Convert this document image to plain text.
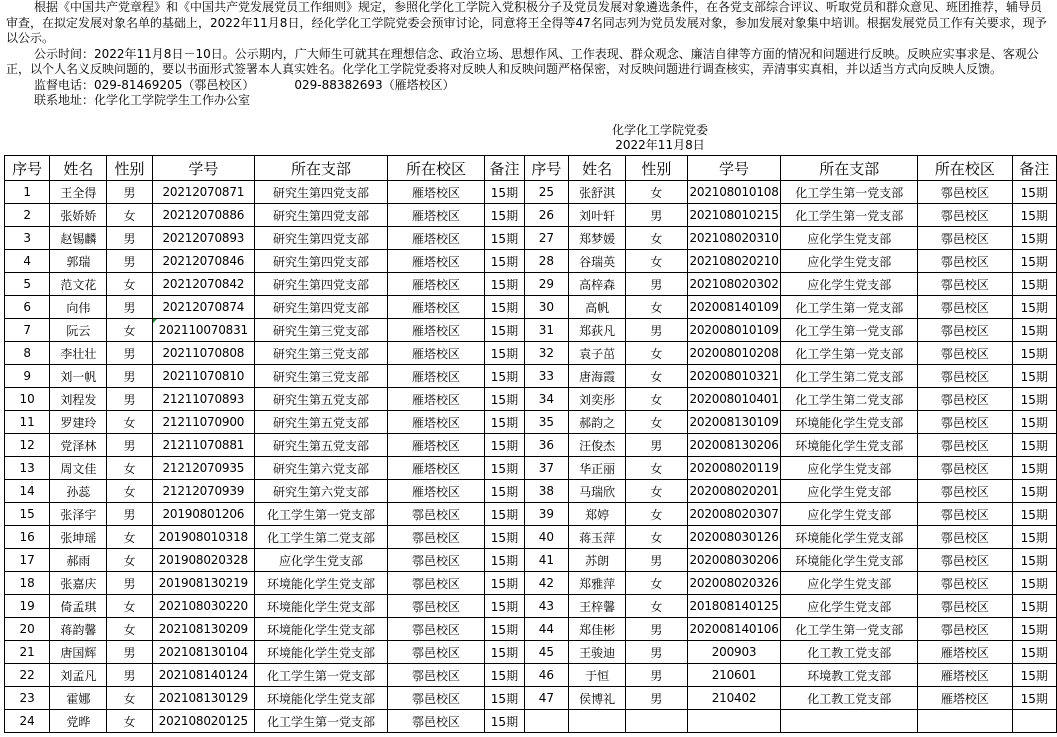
根据《中国共产党章程》和《中国共产党发展党员工作细则》规定，参照化学化工学院入党积极分子及党员发展对象遴选条件，在各党支部综合评议、听取党员和群众意见、班团推荐，辅导员审查，在拟定发展对象名单的基础上，2022年11月8日，经化学化工学院党委会预审讨论，同意将王全得等47名同志列为党员发展对象，参加发展对象集中培训。根据发展党员工作有关要求，现予以公示。

公示时间：2022年11月8日－10日。公示期内，广大师生可就其在理想信念、政治立场、思想作风、工作表现、群众观念、廉洁自律等方面的情况和问题进行反映。反映应实事求是、客观公正，以个人名义反映问题的，要以书面形式签署本人真实姓名。化学化工学院党委将对反映人和反映问题严格保密，对反映问题进行调查核实，弄清事实真相，并以适当方式向反映人反馈。

监督电话：029-81469205（鄠邑校区）	029-88382693（雁塔校区）

联系地址：化学化工学院学生工作办公室

化学化工学院党委
2022年11月8日
序号	姓名	性别	学号	所在支部	所在校区	备注	序号	姓名	性别	学号	所在支部	所在校区	备注
1	王全得	男	20212070871	研究生第四党支部	雁塔校区	15期	25	张舒淇	女	202108010108	化工学生第一党支部	鄠邑校区	15期
2	张娇娇	女	20212070886	研究生第四党支部	雁塔校区	15期	26	刘叶轩	男	202108010215	化工学生第一党支部	鄠邑校区	15期
3	赵锡麟	男	20212070893	研究生第四党支部	雁塔校区	15期	27	郑梦媛	女	202108020310	应化学生党支部	鄠邑校区	15期
4	郭瑞	男	20212070846	研究生第四党支部	雁塔校区	15期	28	谷瑞英	女	202108020210	应化学生党支部	鄠邑校区	15期
5	范文花	女	20212070842	研究生第四党支部	雁塔校区	15期	29	高梓森	男	202108020302	应化学生党支部	鄠邑校区	15期
6	向伟	男	20212070874	研究生第四党支部	雁塔校区	15期	30	高帆	女	202008140109	化工学生第一党支部	鄠邑校区	15期
7	阮云	女	202110070831	研究生第三党支部	雁塔校区	15期	31	郑荻凡	男	202008010109	化工学生第一党支部	鄠邑校区	15期
8	李壮壮	男	20211070808	研究生第三党支部	雁塔校区	15期	32	袁子茁	女	202008010208	化工学生第一党支部	鄠邑校区	15期
9	刘一帆	男	20211070810	研究生第三党支部	雁塔校区	15期	33	唐海霞	女	202008010321	化工学生第二党支部	鄠邑校区	15期
10	刘程发	男	21211070893	研究生第五党支部	雁塔校区	15期	34	刘奕彤	女	202008010401	化工学生第二党支部	鄠邑校区	15期
11	罗建玲	女	21211070900	研究生第五党支部	雁塔校区	15期	35	郝韵之	女	202008130109	环境能化学生党支部	鄠邑校区	15期
12	党泽林	男	21211070881	研究生第五党支部	雁塔校区	15期	36	汪俊杰	男	202008130206	环境能化学生党支部	鄠邑校区	15期
13	周文佳	女	21212070935	研究生第六党支部	雁塔校区	15期	37	华正丽	女	202008020119	应化学生党支部	鄠邑校区	15期
14	孙蕊	女	21212070939	研究生第六党支部	雁塔校区	15期	38	马瑞欣	女	202008020201	应化学生党支部	鄠邑校区	15期
15	张泽宇	男	20190801206	化工学生第一党支部	鄠邑校区	15期	39	郑婷	女	202008020307	应化学生党支部	鄠邑校区	15期
16	张坤瑶	女	201908010318	化工学生第二党支部	鄠邑校区	15期	40	蒋玉萍	女	202008030126	环境能化学生党支部	鄠邑校区	15期
17	郝雨	女	201908020328	应化学生党支部	鄠邑校区	15期	41	苏朗	男	202008030206	环境能化学生党支部	鄠邑校区	15期
18	张嘉庆	男	201908130219	环境能化学生党支部	鄠邑校区	15期	42	郑雅萍	女	202008020326	应化学生党支部	鄠邑校区	15期
19	倚孟琪	女	202108030220	环境能化学生党支部	鄠邑校区	15期	43	王梓馨	女	201808140125	应化学生党支部	鄠邑校区	15期
20	蒋韵馨	女	202108130209	环境能化学生党支部	鄠邑校区	15期	44	郑佳彬	男	202008140106	化工学生第一党支部	鄠邑校区	15期
21	唐国辉	男	202108130104	环境能化学生党支部	鄠邑校区	15期	45	王骏迪	男	200903	化工教工党支部	雁塔校区	15期
22	刘孟凡	男	202108140124	化工学生第一党支部	鄠邑校区	15期	46	于恒	男	210601	环境教工党支部	雁塔校区	15期
23	霍娜	女	202108130129	环境能化学生党支部	鄠邑校区	15期	47	侯博礼	男	210402	化工教工党支部	雁塔校区	15期
24	党晔	女	202108020125	化工学生第一党支部	鄠邑校区	15期							
